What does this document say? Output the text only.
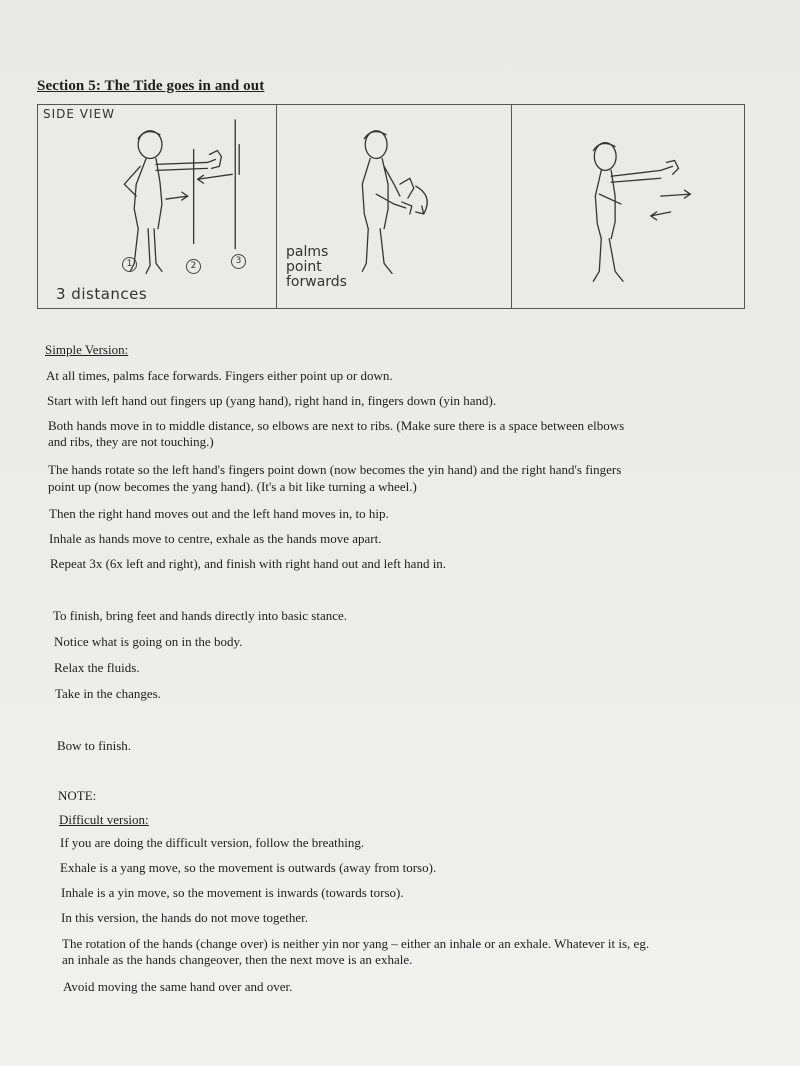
Section 5: The Tide goes in and out
SIDE VIEW
1	2	3
3 distances
palms
point
forwards
Simple Version:
At all times, palms face forwards. Fingers either point up or down.
Start with left hand out fingers up (yang hand), right hand in, fingers down (yin hand).
Both hands move in to middle distance, so elbows are next to ribs. (Make sure there is a space between elbows
and ribs, they are not touching.)
The hands rotate so the left hand's fingers point down (now becomes the yin hand) and the right hand's fingers
point up (now becomes the yang hand). (It's a bit like turning a wheel.)
Then the right hand moves out and the left hand moves in, to hip.
Inhale as hands move to centre, exhale as the hands move apart.
Repeat 3x (6x left and right), and finish with right hand out and left hand in.
To finish, bring feet and hands directly into basic stance.
Notice what is going on in the body.
Relax the fluids.
Take in the changes.
Bow to finish.
NOTE:
Difficult version:
If you are doing the difficult version, follow the breathing.
Exhale is a yang move, so the movement is outwards (away from torso).
Inhale is a yin move, so the movement is inwards (towards torso).
In this version, the hands do not move together.
The rotation of the hands (change over) is neither yin nor yang – either an inhale or an exhale. Whatever it is, eg.
an inhale as the hands changeover, then the next move is an exhale.
Avoid moving the same hand over and over.
